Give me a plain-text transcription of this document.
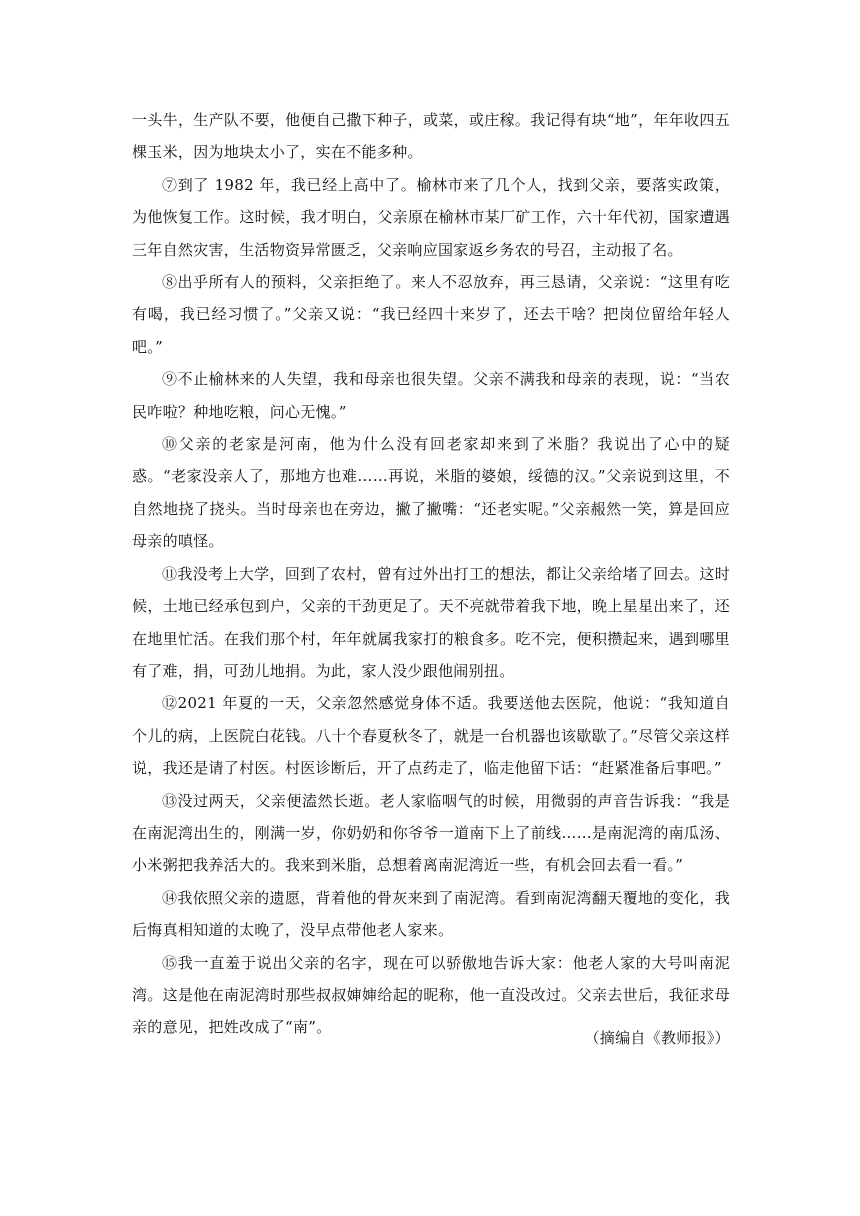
一头牛，生产队不要，他便自己撒下种子，或菜，或庄稼。我记得有块“地”，年年收四五棵玉米，因为地块太小了，实在不能多种。

⑦到了 1982 年，我已经上高中了。榆林市来了几个人，找到父亲，要落实政策，为他恢复工作。这时候，我才明白，父亲原在榆林市某厂矿工作，六十年代初，国家遭遇三年自然灾害，生活物资异常匮乏，父亲响应国家返乡务农的号召，主动报了名。

⑧出乎所有人的预料，父亲拒绝了。来人不忍放弃，再三恳请，父亲说：“这里有吃有喝，我已经习惯了。”父亲又说：“我已经四十来岁了，还去干啥？把岗位留给年轻人吧。”

⑨不止榆林来的人失望，我和母亲也很失望。父亲不满我和母亲的表现，说：“当农民咋啦？种地吃粮，问心无愧。”

⑩父亲的老家是河南，他为什么没有回老家却来到了米脂？我说出了心中的疑惑。“老家没亲人了，那地方也难……再说，米脂的婆娘，绥德的汉。”父亲说到这里，不自然地挠了挠头。当时母亲也在旁边，撇了撇嘴：“还老实呢。”父亲赧然一笑，算是回应母亲的嗔怪。

⑪我没考上大学，回到了农村，曾有过外出打工的想法，都让父亲给堵了回去。这时候，土地已经承包到户，父亲的干劲更足了。天不亮就带着我下地，晚上星星出来了，还在地里忙活。在我们那个村，年年就属我家打的粮食多。吃不完，便积攒起来，遇到哪里有了难，捐，可劲儿地捐。为此，家人没少跟他闹别扭。

⑫2021 年夏的一天，父亲忽然感觉身体不适。我要送他去医院，他说：“我知道自个儿的病，上医院白花钱。八十个春夏秋冬了，就是一台机器也该歇歇了。”尽管父亲这样说，我还是请了村医。村医诊断后，开了点药走了，临走他留下话：“赶紧准备后事吧。”

⑬没过两天，父亲便溘然长逝。老人家临咽气的时候，用微弱的声音告诉我：“我是在南泥湾出生的，刚满一岁，你奶奶和你爷爷一道南下上了前线……是南泥湾的南瓜汤、小米粥把我养活大的。我来到米脂，总想着离南泥湾近一些，有机会回去看一看。”

⑭我依照父亲的遗愿，背着他的骨灰来到了南泥湾。看到南泥湾翻天覆地的变化，我后悔真相知道的太晚了，没早点带他老人家来。

⑮我一直羞于说出父亲的名字，现在可以骄傲地告诉大家：他老人家的大号叫南泥湾。这是他在南泥湾时那些叔叔婶婶给起的昵称，他一直没改过。父亲去世后，我征求母亲的意见，把姓改成了“南”。

（摘编自《教师报》）
